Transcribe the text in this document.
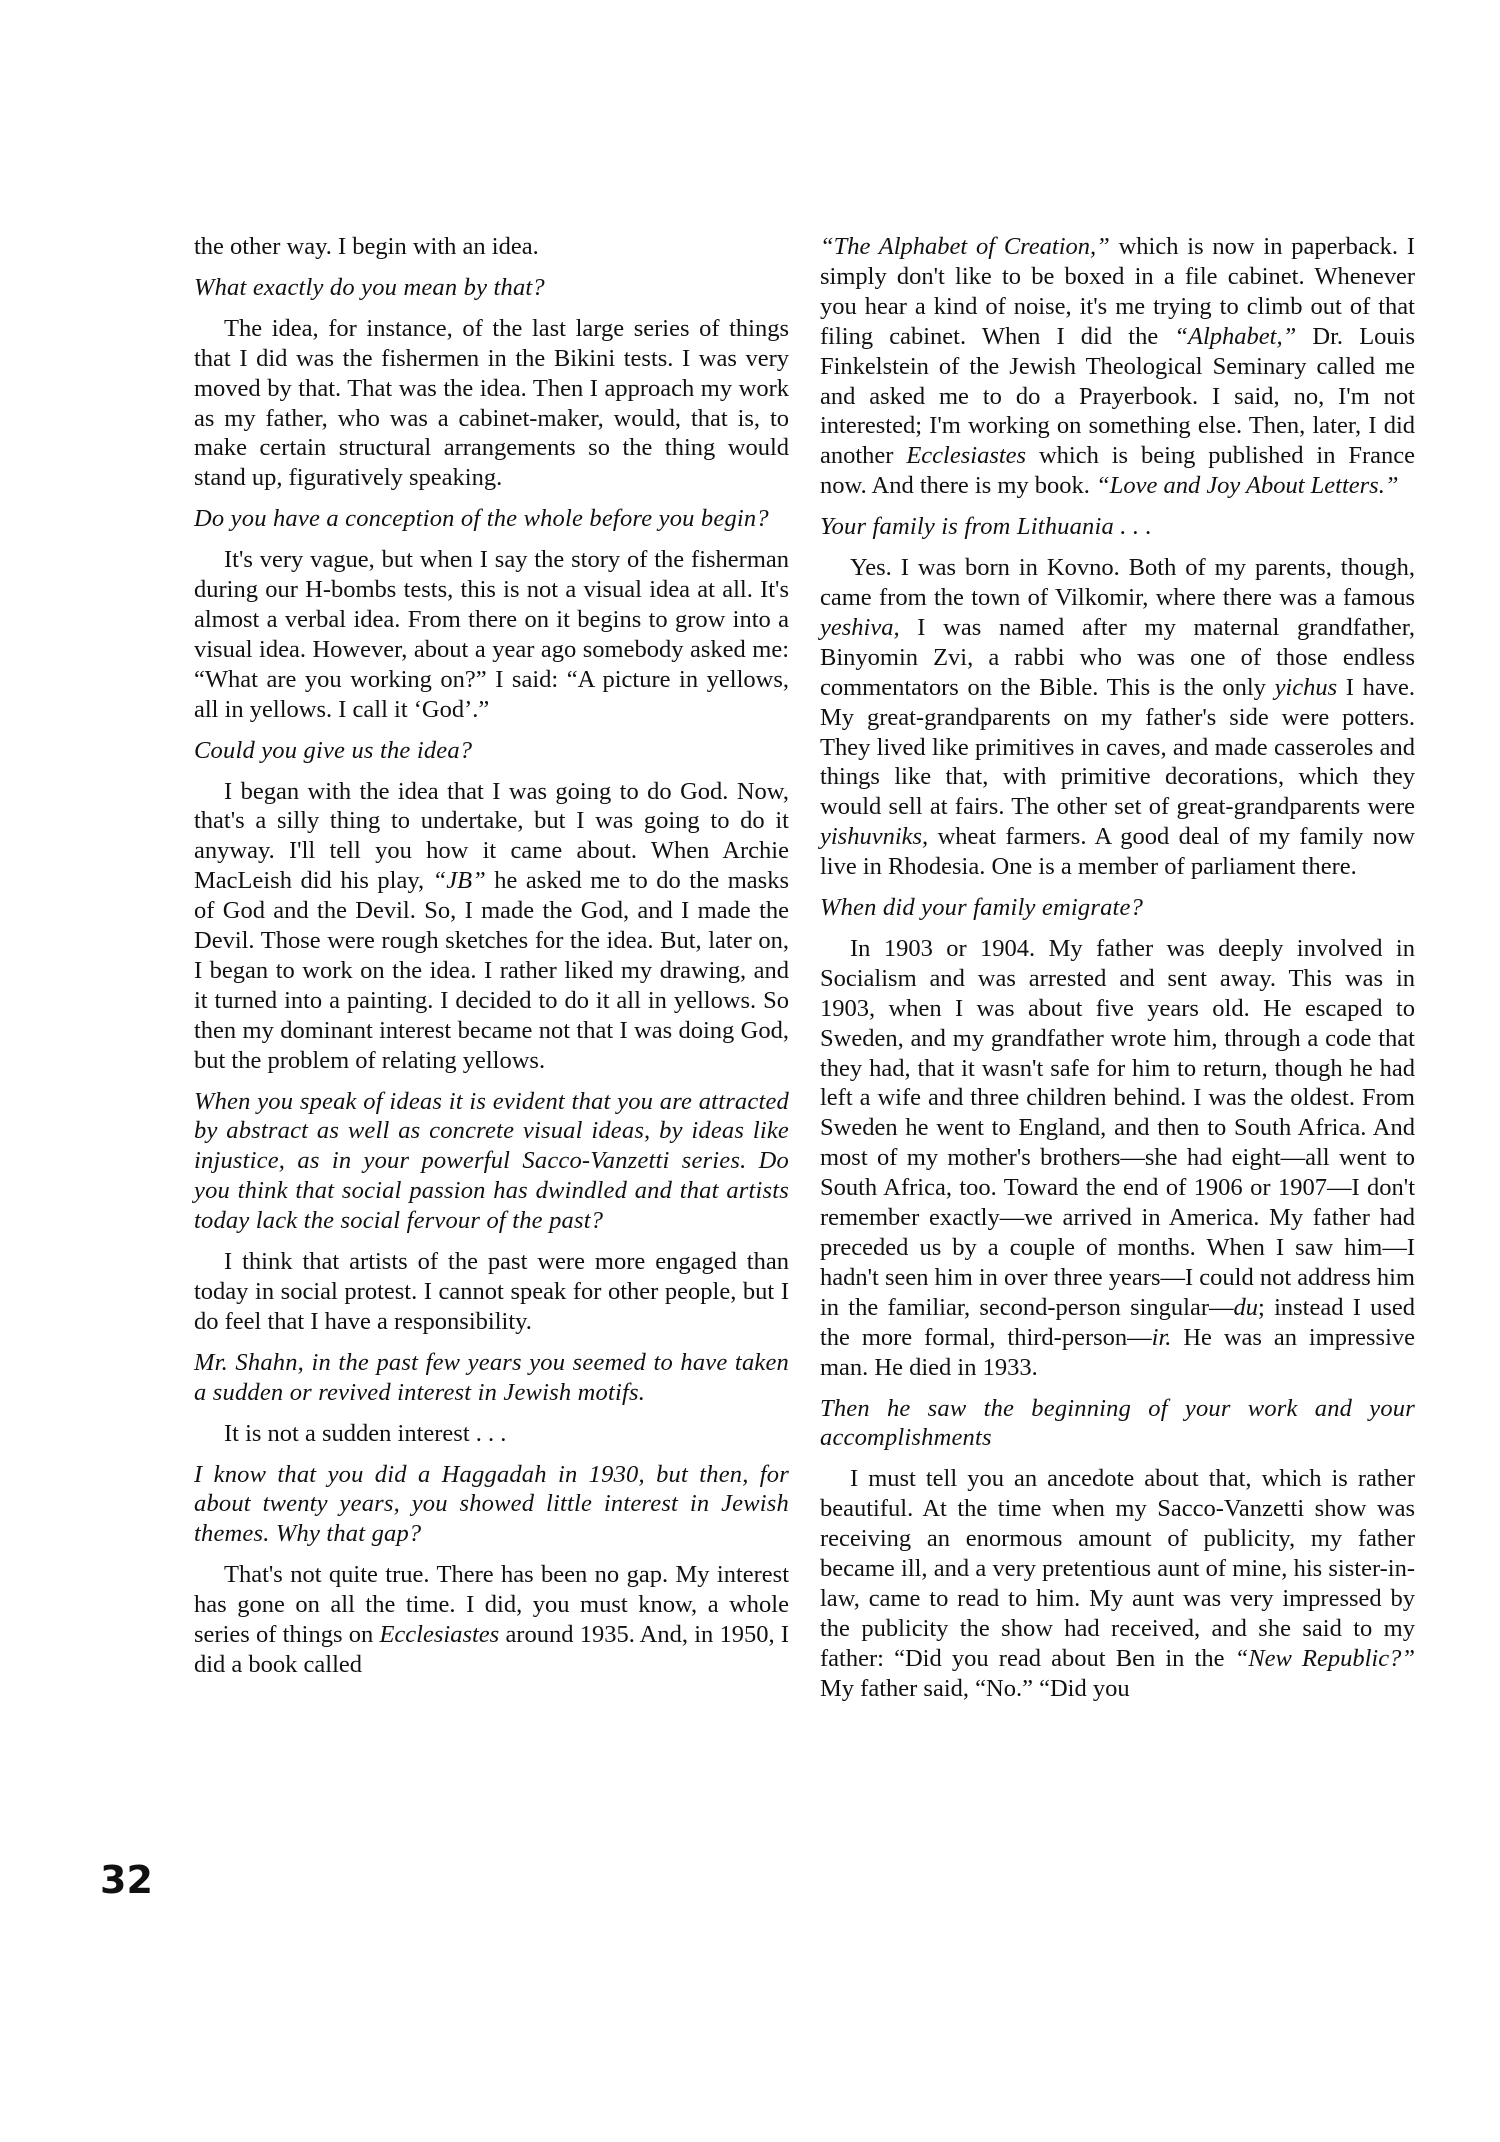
the other way. I begin with an idea.

What exactly do you mean by that?

The idea, for instance, of the last large series of things that I did was the fishermen in the Bikini tests. I was very moved by that. That was the idea. Then I approach my work as my father, who was a cabinet-maker, would, that is, to make certain structural arrangements so the thing would stand up, figuratively speaking.

Do you have a conception of the whole before you begin?

It's very vague, but when I say the story of the fisherman during our H-bombs tests, this is not a visual idea at all. It's almost a verbal idea. From there on it begins to grow into a visual idea. However, about a year ago somebody asked me: “What are you working on?” I said: “A picture in yellows, all in yellows. I call it ‘God’.”

Could you give us the idea?

I began with the idea that I was going to do God. Now, that's a silly thing to undertake, but I was going to do it anyway. I'll tell you how it came about. When Archie MacLeish did his play, “JB” he asked me to do the masks of God and the Devil. So, I made the God, and I made the Devil. Those were rough sketches for the idea. But, later on, I began to work on the idea. I rather liked my drawing, and it turned into a painting. I decided to do it all in yellows. So then my dominant interest became not that I was doing God, but the problem of relating yellows.

When you speak of ideas it is evident that you are attracted by abstract as well as concrete visual ideas, by ideas like injustice, as in your powerful Sacco-Vanzetti series. Do you think that social passion has dwindled and that artists today lack the social fervour of the past?

I think that artists of the past were more engaged than today in social protest. I cannot speak for other people, but I do feel that I have a responsibility.

Mr. Shahn, in the past few years you seemed to have taken a sudden or revived interest in Jewish motifs.

It is not a sudden interest . . .

I know that you did a Haggadah in 1930, but then, for about twenty years, you showed little interest in Jewish themes. Why that gap?

That's not quite true. There has been no gap. My interest has gone on all the time. I did, you must know, a whole series of things on Ecclesiastes around 1935. And, in 1950, I did a book called

“The Alphabet of Creation,” which is now in paperback. I simply don't like to be boxed in a file cabinet. Whenever you hear a kind of noise, it's me trying to climb out of that filing cabinet. When I did the “Alphabet,” Dr. Louis Finkelstein of the Jewish Theological Seminary called me and asked me to do a Prayerbook. I said, no, I'm not interested; I'm working on something else. Then, later, I did another Ecclesiastes which is being published in France now. And there is my book. “Love and Joy About Letters.”

Your family is from Lithuania . . .

Yes. I was born in Kovno. Both of my parents, though, came from the town of Vilkomir, where there was a famous yeshiva, I was named after my maternal grandfather, Binyomin Zvi, a rabbi who was one of those endless commentators on the Bible. This is the only yichus I have. My great-grandparents on my father's side were potters. They lived like primitives in caves, and made casseroles and things like that, with primitive decorations, which they would sell at fairs. The other set of great-grandparents were yishuvniks, wheat farmers. A good deal of my family now live in Rhodesia. One is a member of parliament there.

When did your family emigrate?

In 1903 or 1904. My father was deeply involved in Socialism and was arrested and sent away. This was in 1903, when I was about five years old. He escaped to Sweden, and my grandfather wrote him, through a code that they had, that it wasn't safe for him to return, though he had left a wife and three children behind. I was the oldest. From Sweden he went to England, and then to South Africa. And most of my mother's brothers—she had eight—all went to South Africa, too. Toward the end of 1906 or 1907—I don't remember exactly—we arrived in America. My father had preceded us by a couple of months. When I saw him—I hadn't seen him in over three years—I could not address him in the familiar, second-person singular—du; instead I used the more formal, third-person—ir. He was an impressive man. He died in 1933.

Then he saw the beginning of your work and your accomplishments

I must tell you an ancedote about that, which is rather beautiful. At the time when my Sacco-Vanzetti show was receiving an enormous amount of publicity, my father became ill, and a very pretentious aunt of mine, his sister-in-law, came to read to him. My aunt was very impressed by the publicity the show had received, and she said to my father: “Did you read about Ben in the “New Republic?” My father said, “No.” “Did you

32
